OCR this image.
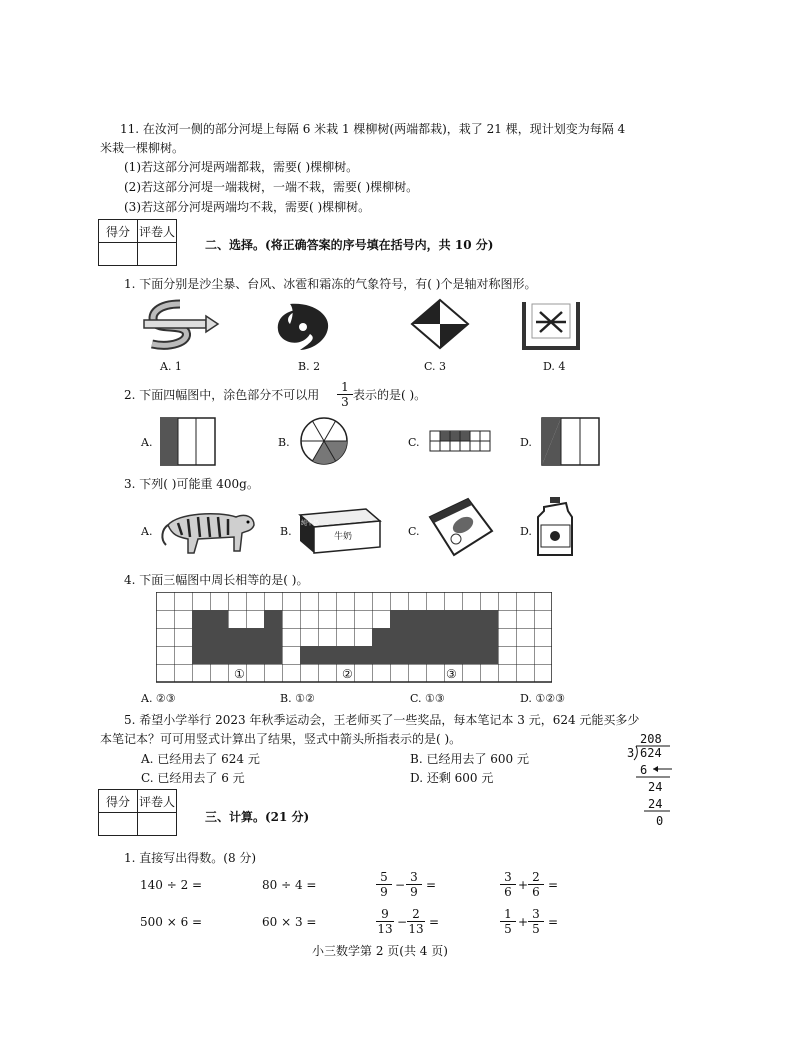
11. 在汝河一侧的部分河堤上每隔 6 米栽 1 棵柳树(两端都栽)，栽了 21 棵，现计划变为每隔 4
米栽一棵柳树。
(1)若这部分河堤两端都栽，需要( )棵柳树。
(2)若这部分河堤一端栽树，一端不栽，需要( )棵柳树。
(3)若这部分河堤两端均不栽，需要( )棵柳树。
得分	评卷人

二、选择。(将正确答案的序号填在括号内，共 10 分)
1. 下面分别是沙尘暴、台风、冰雹和霜冻的气象符号，有( )个是轴对称图形。
A. 1	B. 2	C. 3	D. 4
2. 下面四幅图中，涂色部分不可以用 $\frac{1}{3}$ 表示的是( )。
A.	B.	C.	D.
3. 下列( )可能重 400g。
A.	B.	C.	D.
牛奶
纯牛奶
4. 下面三幅图中周长相等的是( )。
①	②	③
A. ②③	B. ①②	C. ①③	D. ①②③
5. 希望小学举行 2023 年秋季运动会，王老师买了一些奖品，每本笔记本 3 元，624 元能买多少
本笔记本？可可用竖式计算出了结果，竖式中箭头所指表示的是( )。
A. 已经用去了 624 元	B. 已经用去了 600 元
C. 已经用去了 6 元	D. 还剩 600 元
208
3 624
6
24
24
0
得分	评卷人

三、计算。(21 分)
1. 直接写出得数。(8 分)
140 ÷ 2 =	80 ÷ 4 =	$\frac{5}{9} - \frac{3}{9}$ =	$\frac{3}{6} + \frac{2}{6}$ =
500 × 6 =	60 × 3 =	$\frac{9}{13} - \frac{2}{13}$ =	$\frac{1}{5} + \frac{3}{5}$ =
小三数学第 2 页(共 4 页)
